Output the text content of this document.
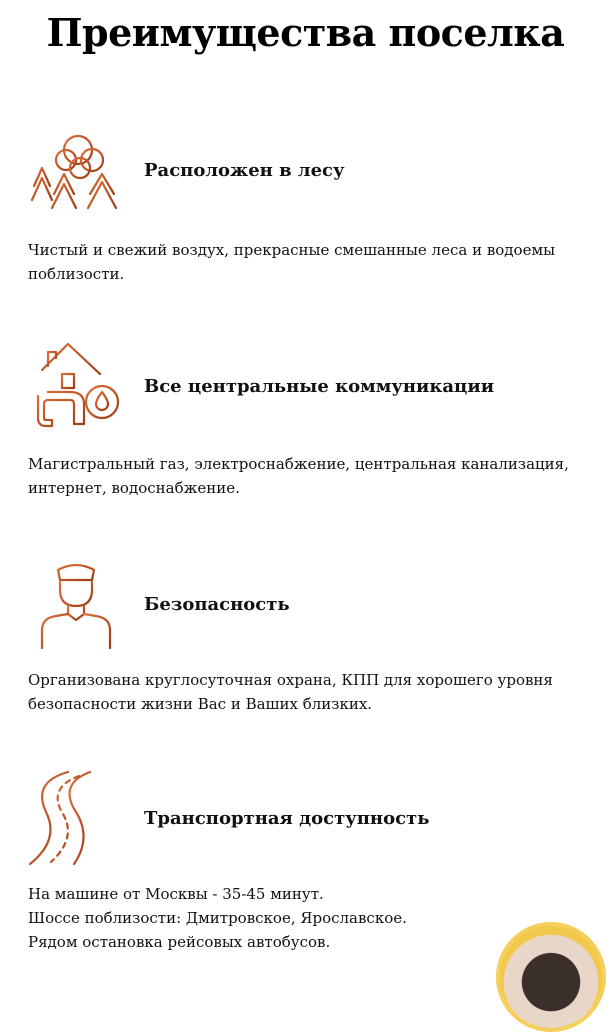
Преимущества поселка
Расположен в лесу
Чистый и свежий воздух, прекрасные смешанные леса и водоемы поблизости.
Все центральные коммуникации
Магистральный газ, электроснабжение, центральная канализация, интернет, водоснабжение.
Безопасность
Организована круглосуточная охрана, КПП для хорошего уровня безопасности жизни Вас и Ваших близких.
Транспортная доступность
На машине от Москвы - 35-45 минут.
Шоссе поблизости: Дмитровское, Ярославское.
Рядом остановка рейсовых автобусов.
